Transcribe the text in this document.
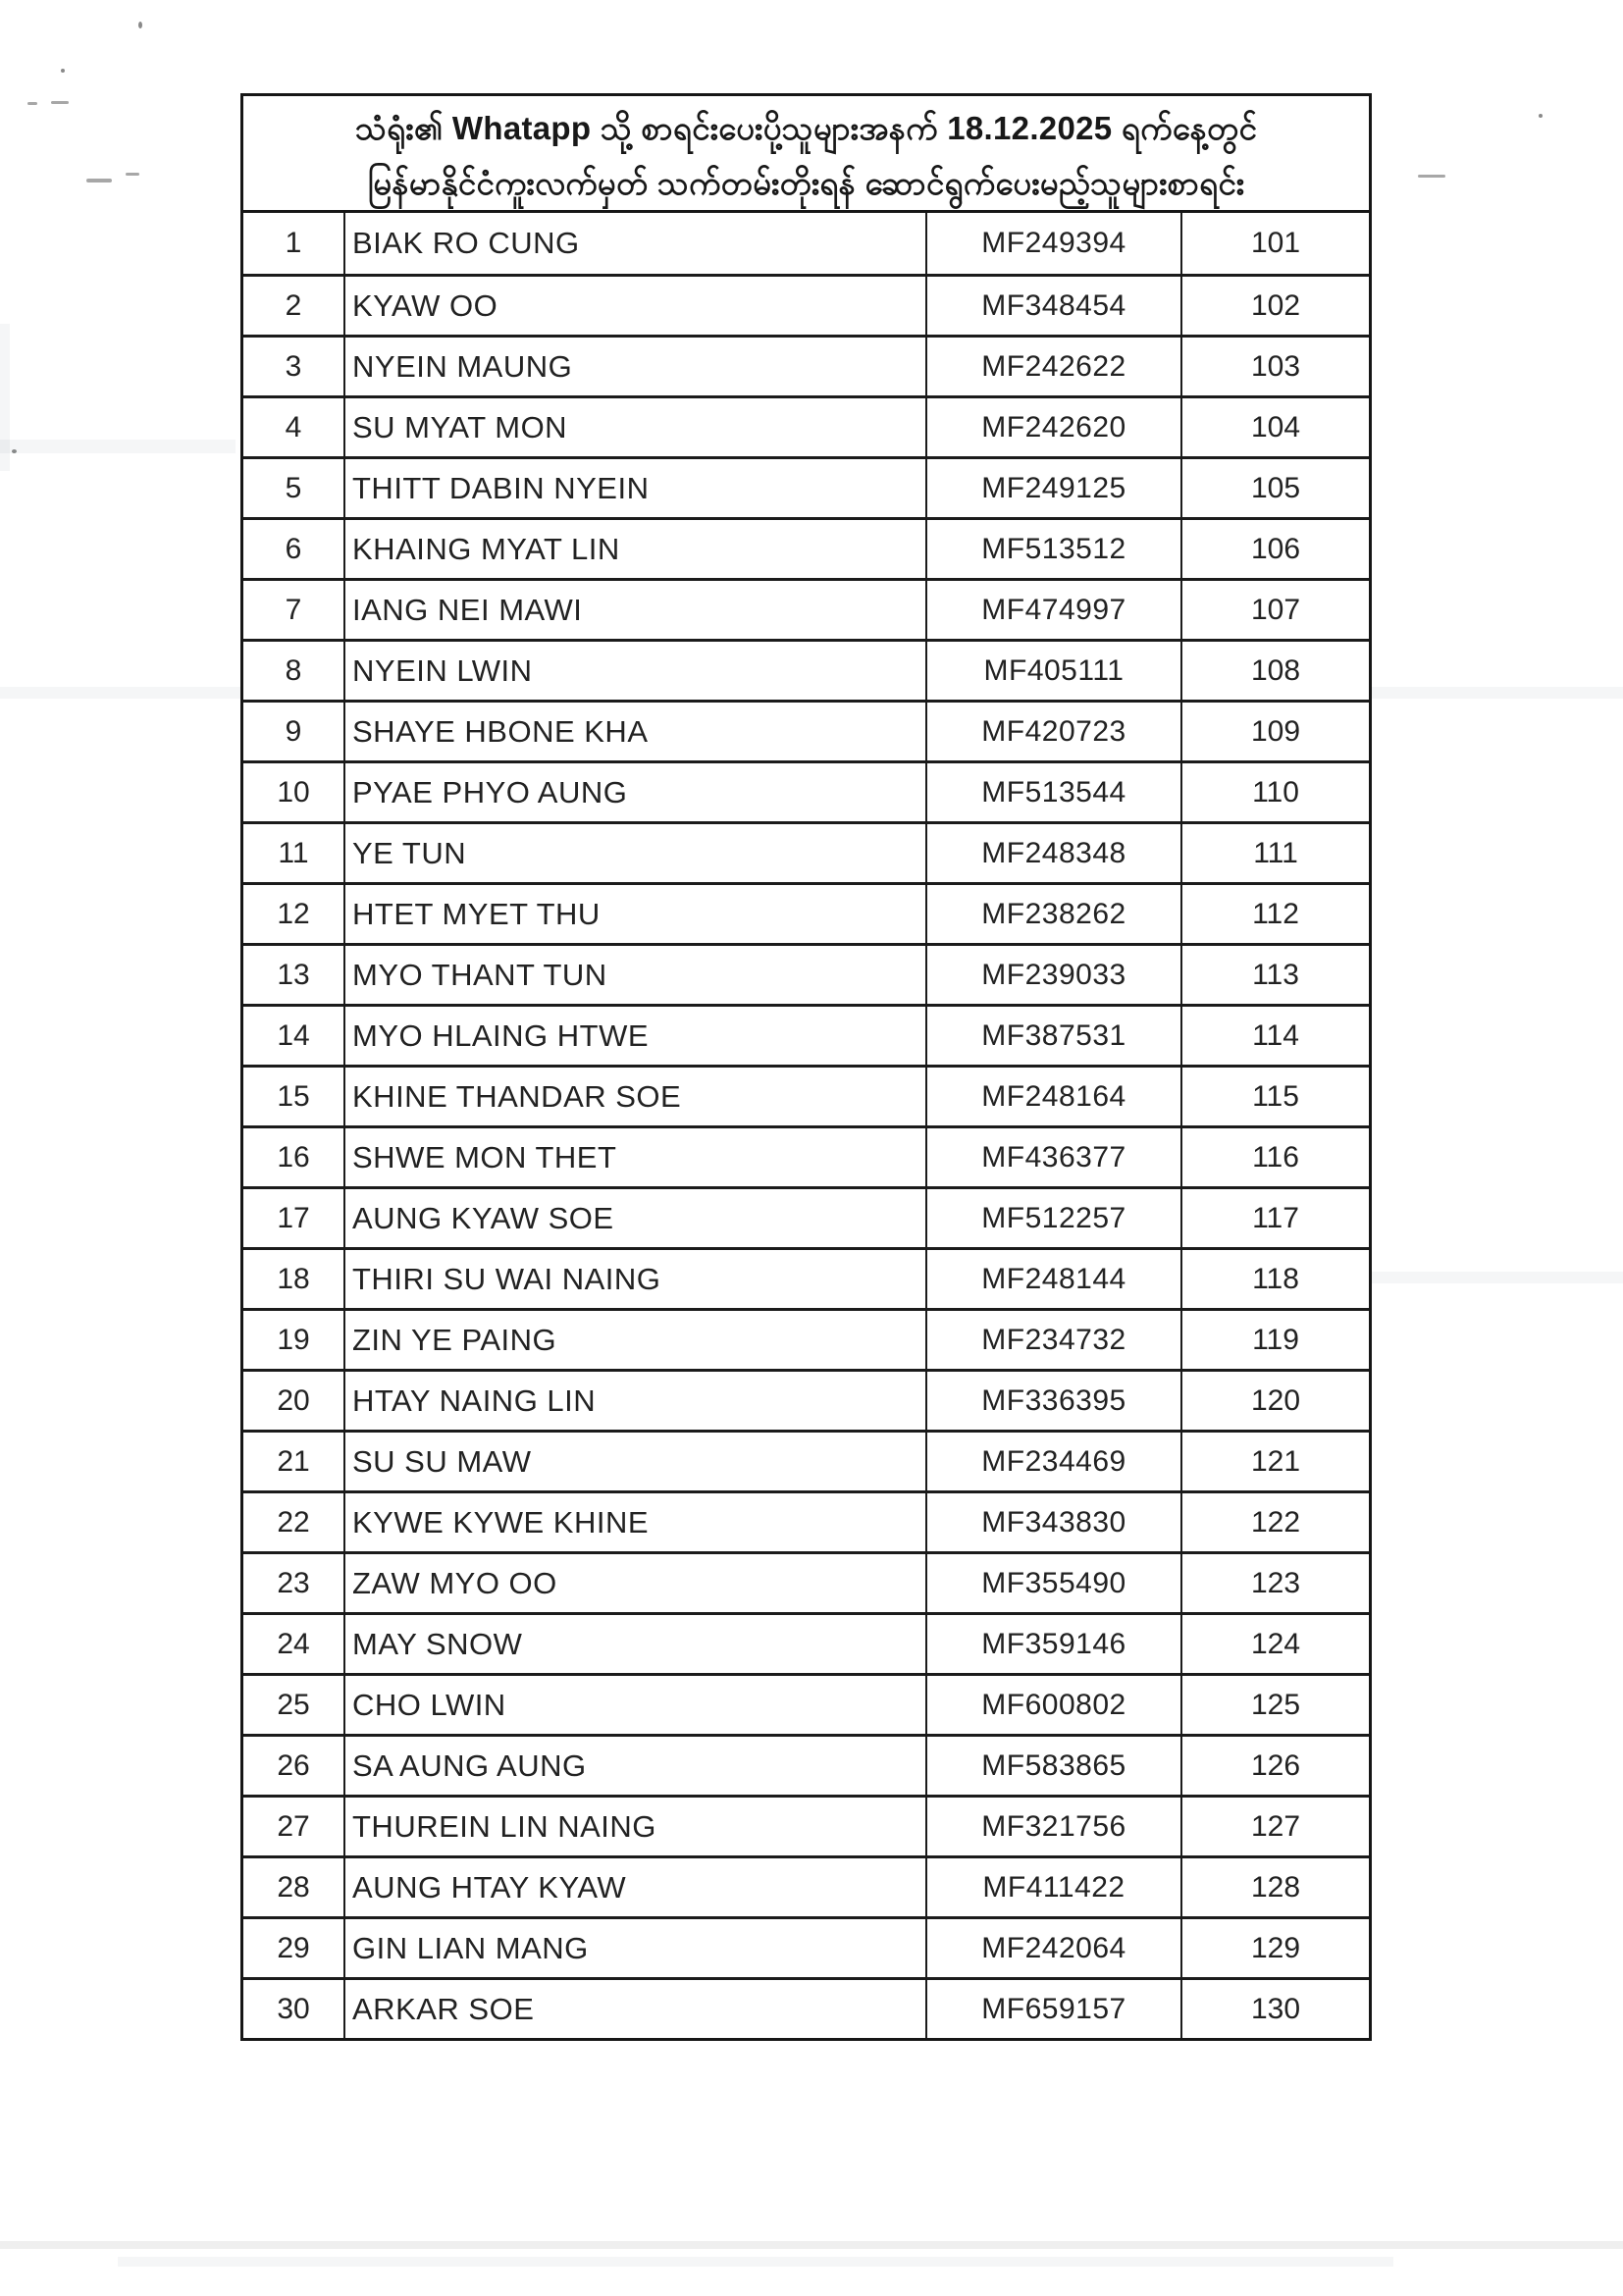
သံရုံး၏ Whatapp သို့ စာရင်းပေးပို့သူများအနက် 18.12.2025 ရက်နေ့တွင်
မြန်မာနိုင်ငံကူးလက်မှတ် သက်တမ်းတိုးရန် ဆောင်ရွက်ပေးမည့်သူများစာရင်း
1	BIAK RO CUNG	MF249394	101
2	KYAW OO	MF348454	102
3	NYEIN MAUNG	MF242622	103
4	SU MYAT MON	MF242620	104
5	THITT DABIN NYEIN	MF249125	105
6	KHAING MYAT LIN	MF513512	106
7	IANG NEI MAWI	MF474997	107
8	NYEIN LWIN	MF405111	108
9	SHAYE HBONE KHA	MF420723	109
10	PYAE PHYO AUNG	MF513544	110
11	YE TUN	MF248348	111
12	HTET MYET THU	MF238262	112
13	MYO THANT TUN	MF239033	113
14	MYO HLAING HTWE	MF387531	114
15	KHINE THANDAR SOE	MF248164	115
16	SHWE MON THET	MF436377	116
17	AUNG KYAW SOE	MF512257	117
18	THIRI SU WAI NAING	MF248144	118
19	ZIN YE PAING	MF234732	119
20	HTAY NAING LIN	MF336395	120
21	SU SU MAW	MF234469	121
22	KYWE KYWE KHINE	MF343830	122
23	ZAW MYO OO	MF355490	123
24	MAY SNOW	MF359146	124
25	CHO LWIN	MF600802	125
26	SA AUNG AUNG	MF583865	126
27	THUREIN LIN NAING	MF321756	127
28	AUNG HTAY KYAW	MF411422	128
29	GIN LIAN MANG	MF242064	129
30	ARKAR SOE	MF659157	130
